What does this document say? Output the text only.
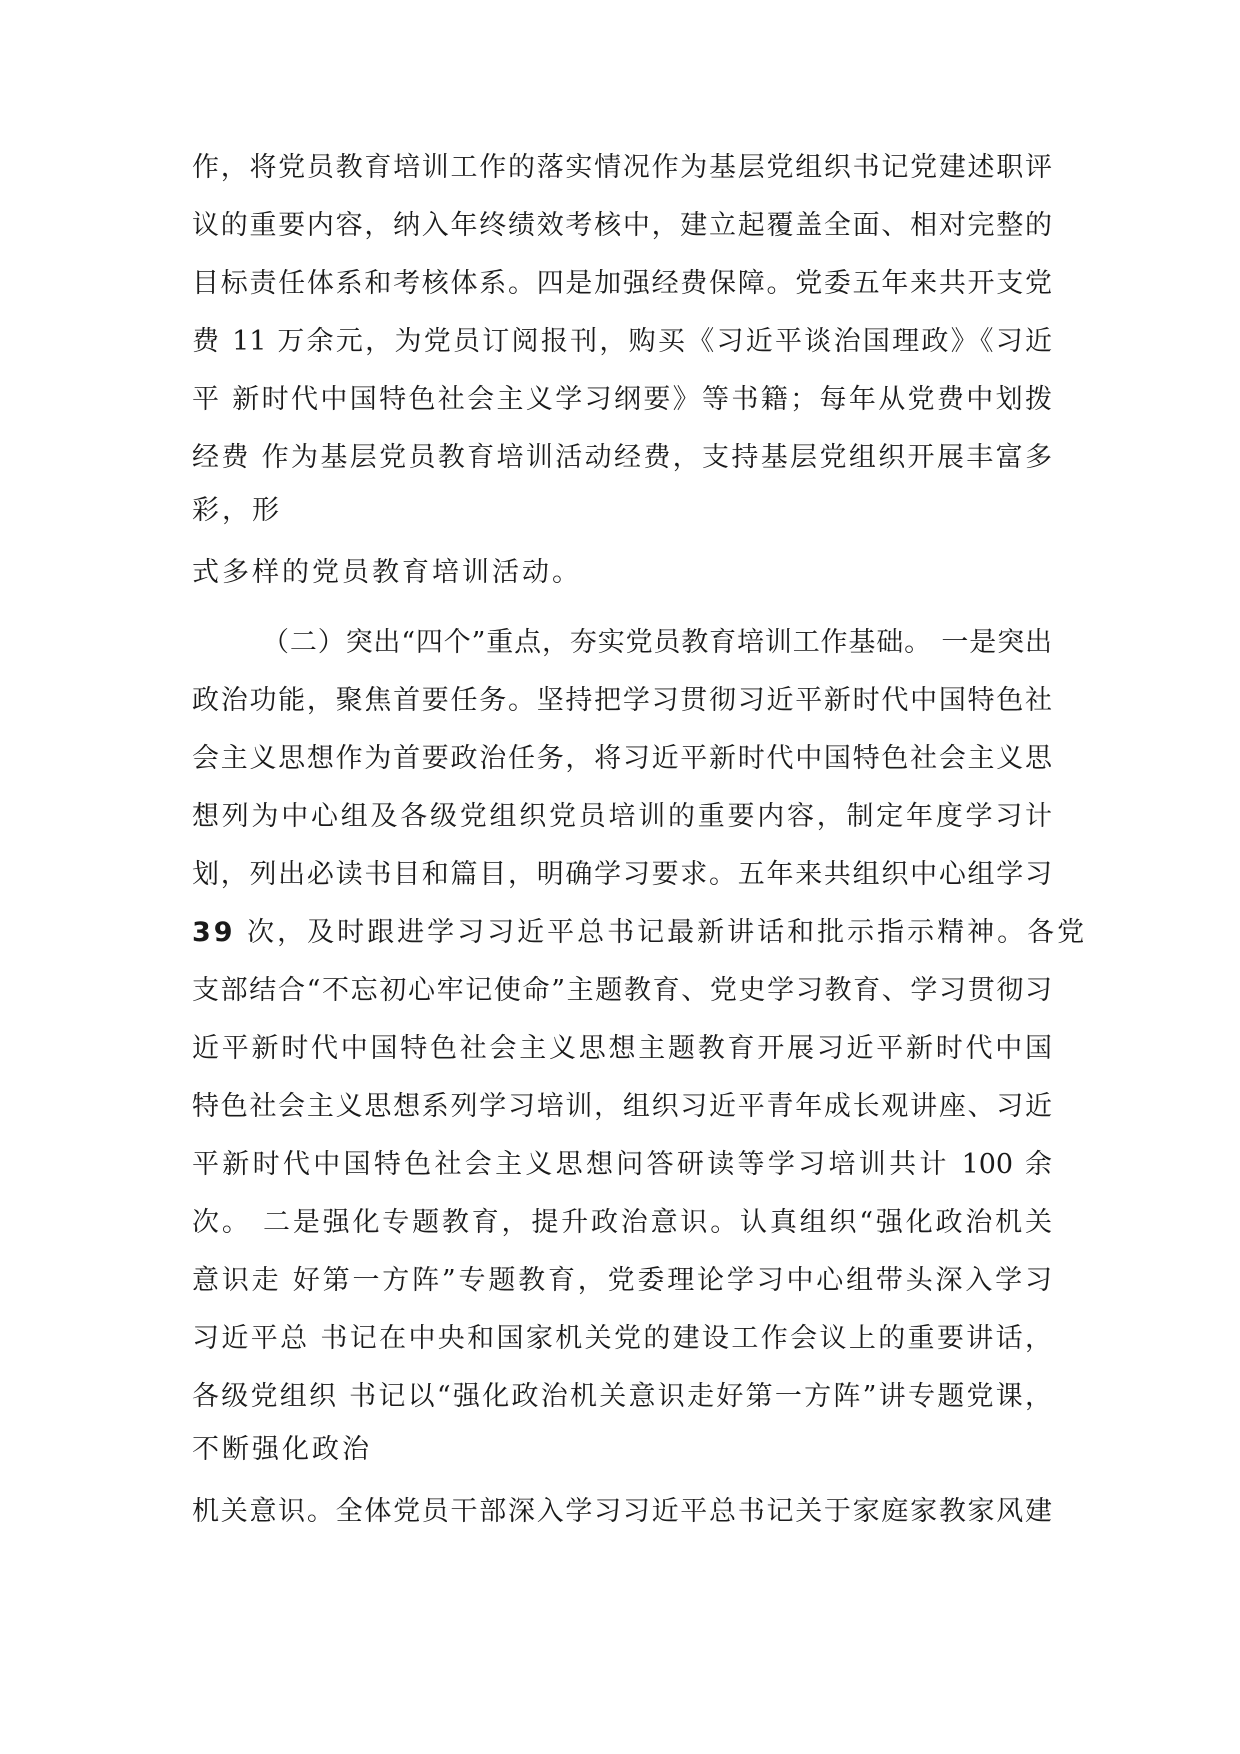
作，将党员教育培训工作的落实情况作为基层党组织书记党建述职评
议的重要内容，纳入年终绩效考核中，建立起覆盖全面、相对完整的
目标责任体系和考核体系。四是加强经费保障。党委五年来共开支党
费 11 万余元，为党员订阅报刊，购买《习近平谈治国理政》《习近
平 新时代中国特色社会主义学习纲要》等书籍；每年从党费中划拨
经费 作为基层党员教育培训活动经费，支持基层党组织开展丰富多
彩，形
式多样的党员教育培训活动。
（二）突出“四个”重点，夯实党员教育培训工作基础。 一是突出
政治功能，聚焦首要任务。坚持把学习贯彻习近平新时代中国特色社
会主义思想作为首要政治任务，将习近平新时代中国特色社会主义思
想列为中心组及各级党组织党员培训的重要内容，制定年度学习计
划，列出必读书目和篇目，明确学习要求。五年来共组织中心组学习
39 次，及时跟进学习习近平总书记最新讲话和批示指示精神。各党
支部结合“不忘初心牢记使命”主题教育、党史学习教育、学习贯彻习
近平新时代中国特色社会主义思想主题教育开展习近平新时代中国
特色社会主义思想系列学习培训，组织习近平青年成长观讲座、习近
平新时代中国特色社会主义思想问答研读等学习培训共计 100 余
次。 二是强化专题教育，提升政治意识。认真组织“强化政治机关
意识走 好第一方阵”专题教育，党委理论学习中心组带头深入学习
习近平总 书记在中央和国家机关党的建设工作会议上的重要讲话，
各级党组织 书记以“强化政治机关意识走好第一方阵”讲专题党课，
不断强化政治
机关意识。全体党员干部深入学习习近平总书记关于家庭家教家风建
